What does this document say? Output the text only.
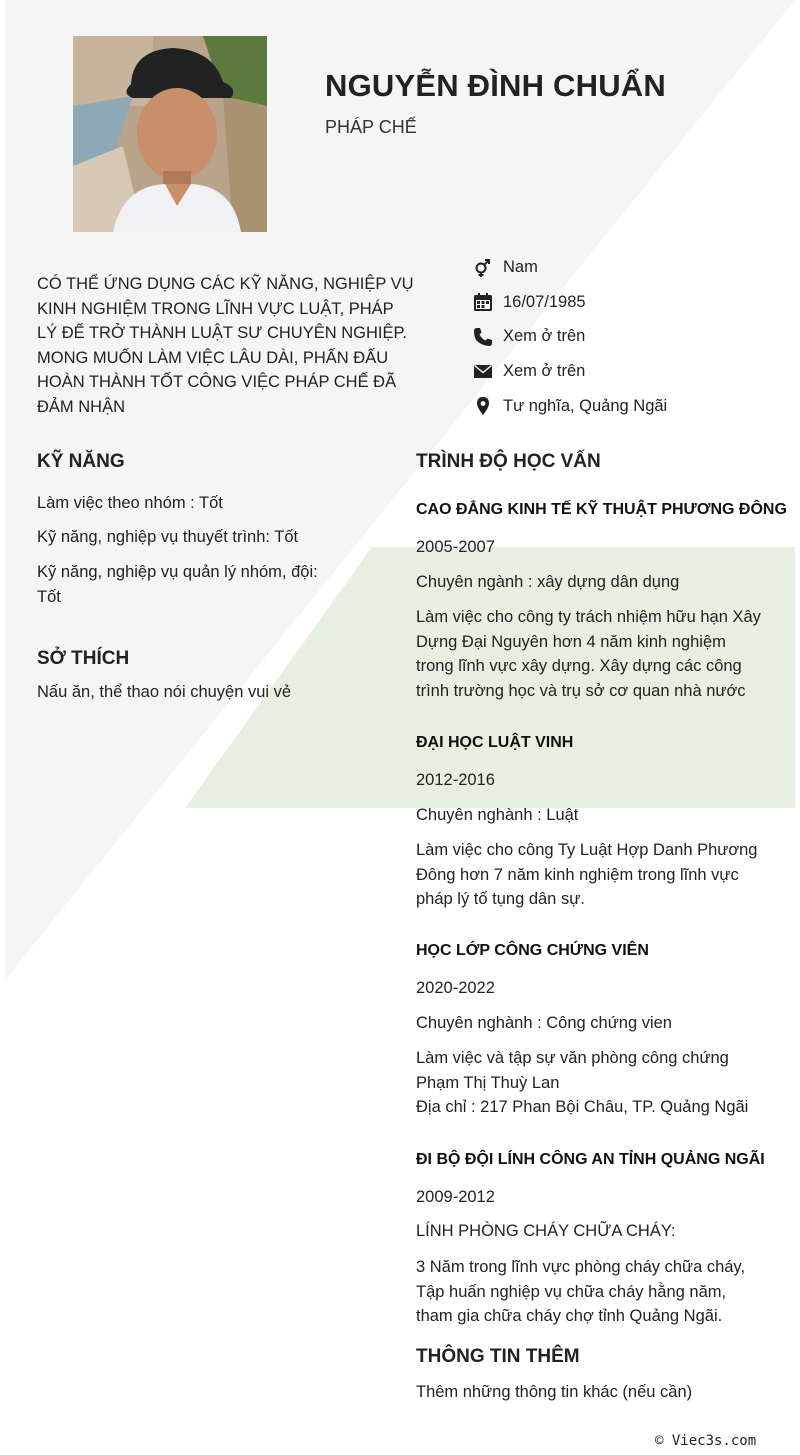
NGUYỄN ĐÌNH CHUẨN
PHÁP CHẾ
CÓ THỂ ỨNG DỤNG CÁC KỸ NĂNG, NGHIỆP VỤ KINH NGHIỆM TRONG LĨNH VỰC LUẬT, PHÁP LÝ ĐỂ TRỞ THÀNH LUẬT SƯ CHUYÊN NGHIỆP. MONG MUỐN LÀM VIỆC LÂU DÀI, PHẤN ĐẤU HOÀN THÀNH TỐT CÔNG VIỆC PHÁP CHẾ ĐÃ ĐẢM NHẬN
Nam
16/07/1985
Xem ở trên
Xem ở trên
Tư nghĩa, Quảng Ngãi
KỸ NĂNG
Làm việc theo nhóm : Tốt
Kỹ năng, nghiệp vụ thuyết trình: Tốt
Kỹ năng, nghiệp vụ quản lý nhóm, đội:
Tốt
SỞ THÍCH
Nấu ăn, thể thao nói chuyện vui vẻ
TRÌNH ĐỘ HỌC VẤN
CAO ĐẲNG KINH TẾ KỸ THUẬT PHƯƠNG ĐÔNG
2005-2007
Chuyên ngành : xây dựng dân dụng
Làm việc cho công ty trách nhiệm hữu hạn Xây
Dựng Đại Nguyên hơn 4 năm kinh nghiệm
trong lĩnh vực xây dựng. Xây dựng các công
trình trường học và trụ sở cơ quan nhà nước
ĐẠI HỌC LUẬT VINH
2012-2016
Chuyên nghành : Luật
Làm việc cho công Ty Luật Hợp Danh Phương
Đông hơn 7 năm kinh nghiệm trong lĩnh vực
pháp lý tố tụng dân sự.
HỌC LỚP CÔNG CHỨNG VIÊN
2020-2022
Chuyên nghành : Công chứng vien
Làm việc và tập sự văn phòng công chứng
Phạm Thị Thuỳ Lan
Địa chỉ : 217 Phan Bội Châu, TP. Quảng Ngãi
ĐI BỘ ĐỘI LÍNH CÔNG AN TỈNH QUẢNG NGÃI
2009-2012
LÍNH PHÒNG CHÁY CHỮA CHÁY:
3 Năm trong lĩnh vực phòng cháy chữa cháy,
Tập huấn nghiệp vụ chữa cháy hằng năm,
tham gia chữa cháy chợ tỉnh Quảng Ngãi.
THÔNG TIN THÊM
Thêm những thông tin khác (nếu cần)
© Viec3s.com
